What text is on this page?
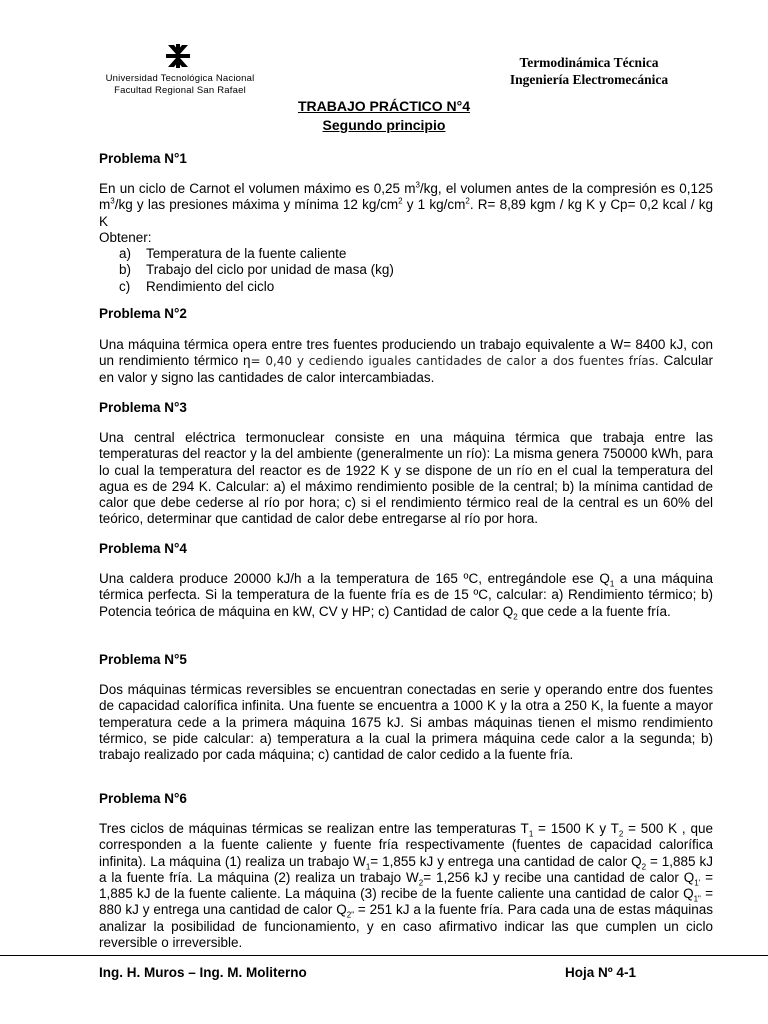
Universidad Tecnológica Nacional
Facultad Regional San Rafael
Termodinámica Técnica
Ingeniería Electromecánica
TRABAJO PRÁCTICO N°4
Segundo principio
Problema N°1
En un ciclo de Carnot el volumen máximo es 0,25 $m^3/kg$, el volumen antes de la compresión es 0,125 $m^3/kg$ y las presiones máxima y mínima 12 $kg/cm^2$ y 1 $kg/cm^2$. R= 8,89 kgm / kg K y Cp= 0,2 kcal / kg K
Obtener:
a)	Temperatura de la fuente caliente
b)	Trabajo del ciclo por unidad de masa (kg)
c)	Rendimiento del ciclo
Problema N°2
Una máquina térmica opera entre tres fuentes produciendo un trabajo equivalente a W= 8400 kJ, con un rendimiento térmico η= 0,40 y cediendo iguales cantidades de calor a dos fuentes frías. Calcular en valor y signo las cantidades de calor intercambiadas.
Problema N°3
Una central eléctrica termonuclear consiste en una máquina térmica que trabaja entre las temperaturas del reactor y la del ambiente (generalmente un río): La misma genera 750000 kWh, para lo cual la temperatura del reactor es de 1922 K y se dispone de un río en el cual la temperatura del agua es de 294 K. Calcular: a) el máximo rendimiento posible de la central; b) la mínima cantidad de calor que debe cederse al río por hora; c) si el rendimiento térmico real de la central es un 60% del teórico, determinar que cantidad de calor debe entregarse al río por hora.
Problema N°4
Una caldera produce 20000 kJ/h a la temperatura de 165 ºC, entregándole ese $Q_1$ a una máquina térmica perfecta. Si la temperatura de la fuente fría es de 15 ºC, calcular: a) Rendimiento térmico; b) Potencia teórica de máquina en kW, CV y HP; c) Cantidad de calor $Q_2$ que cede a la fuente fría.
Problema N°5
Dos máquinas térmicas reversibles se encuentran conectadas en serie y operando entre dos fuentes de capacidad calorífica infinita. Una fuente se encuentra a 1000 K y la otra a 250 K, la fuente a mayor temperatura cede a la primera máquina 1675 kJ. Si ambas máquinas tienen el mismo rendimiento térmico, se pide calcular: a) temperatura a la cual la primera máquina cede calor a la segunda; b) trabajo realizado por cada máquina; c) cantidad de calor cedido a la fuente fría.
Problema N°6
Tres ciclos de máquinas térmicas se realizan entre las temperaturas $T_1 = 1500$ K y $T_2 = 500$ K , que corresponden a la fuente caliente y fuente fría respectivamente (fuentes de capacidad calorífica infinita). La máquina (1) realiza un trabajo $W_1= 1,855$ kJ y entrega una cantidad de calor $Q_2 = 1,885$ kJ a la fuente fría. La máquina (2) realiza un trabajo $W_2= 1,256$ kJ y recibe una cantidad de calor $Q_{1'} = 1,885$ kJ de la fuente caliente. La máquina (3) recibe de la fuente caliente una cantidad de calor $Q_{1"} = 880$ kJ y entrega una cantidad de calor $Q_{2"} = 251$ kJ a la fuente fría. Para cada una de estas máquinas analizar la posibilidad de funcionamiento, y en caso afirmativo indicar las que cumplen un ciclo reversible o irreversible.
Ing. H. Muros – Ing. M. Moliterno	Hoja Nº 4-1
